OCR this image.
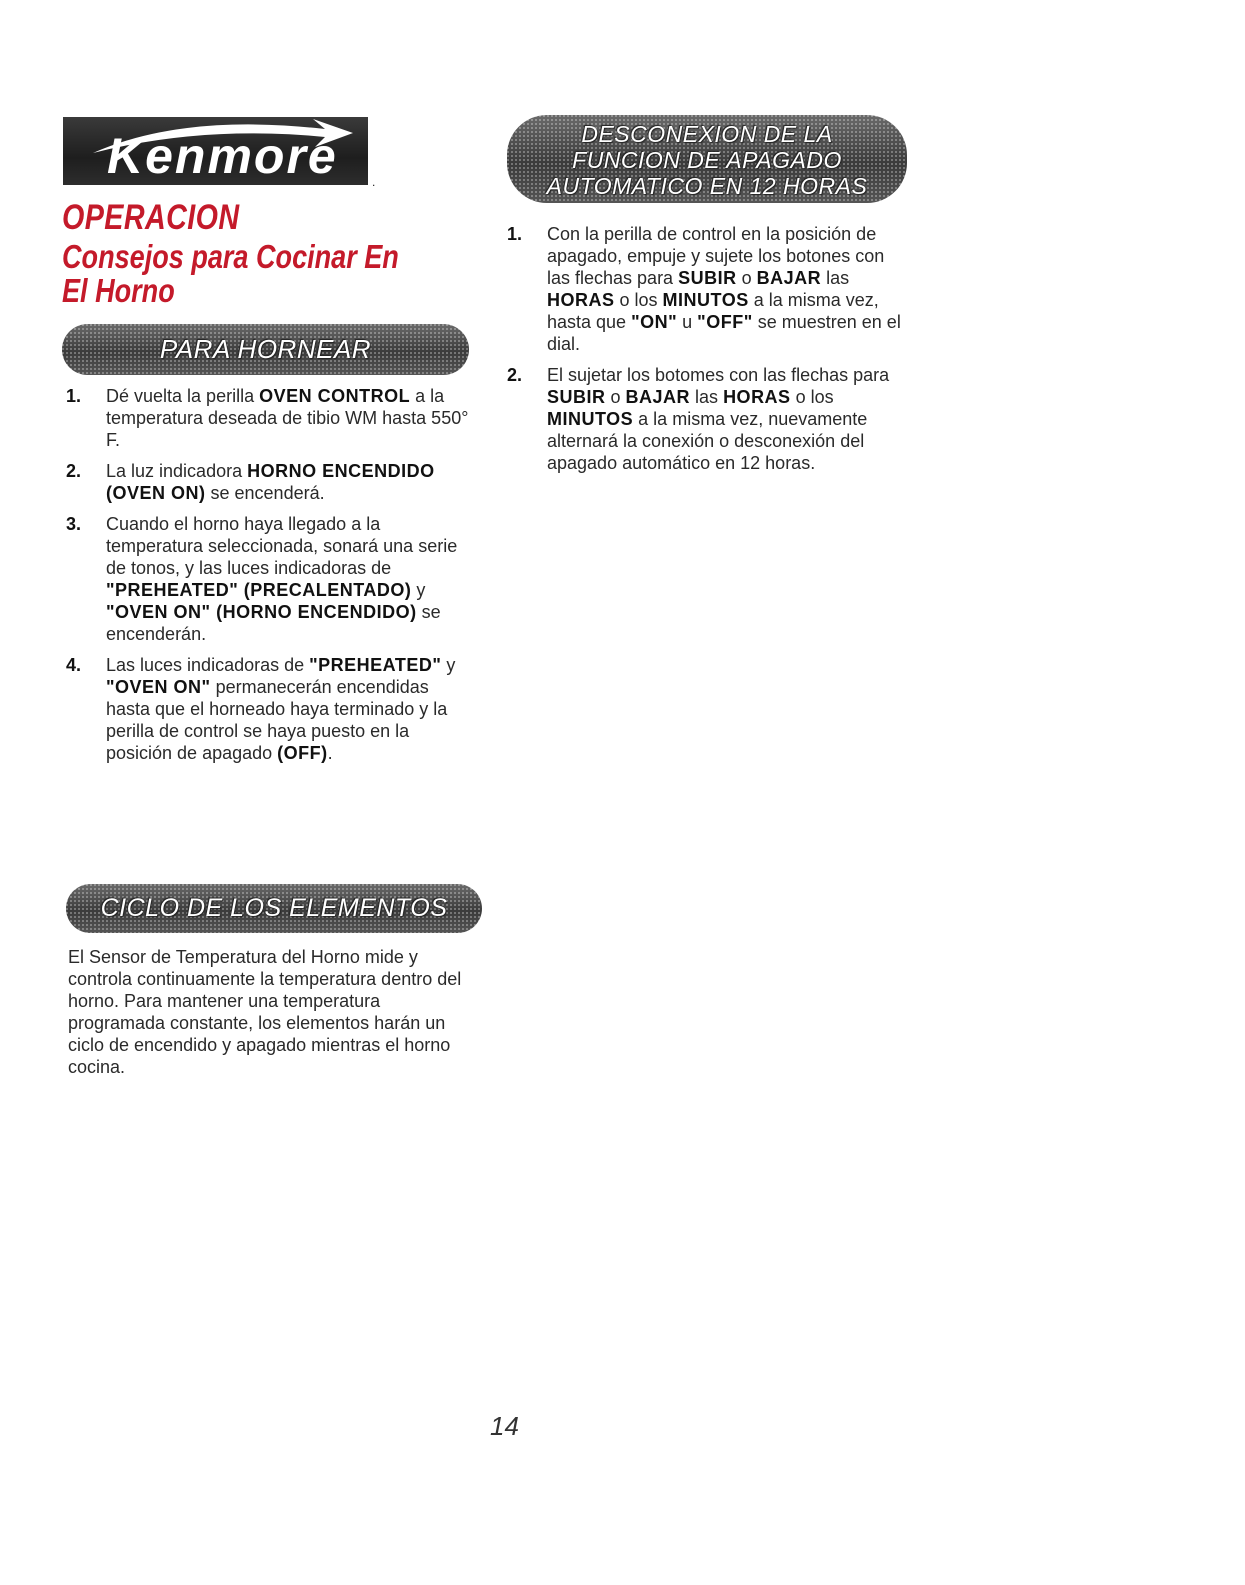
Kenmore	.
OPERACION
Consejos para Cocinar En El Horno
PARA HORNEAR
1.	Dé vuelta la perilla OVEN CONTROL a la temperatura deseada de tibio WM hasta 550° F.
2.	La luz indicadora HORNO ENCENDIDO (OVEN ON) se encenderá.
3.	Cuando el horno haya llegado a la temperatura seleccionada, sonará una serie de tonos, y las luces indicadoras de "PREHEATED" (PRECALENTADO) y "OVEN ON" (HORNO ENCENDIDO) se encenderán.
4.	Las luces indicadoras de "PREHEATED" y "OVEN ON" permanecerán encendidas hasta que el horneado haya terminado y la perilla de control se haya puesto en la posición de apagado (OFF).
CICLO DE LOS ELEMENTOS
El Sensor de Temperatura del Horno mide y controla continuamente la temperatura dentro del horno. Para mantener una temperatura programada constante, los elementos harán un ciclo de encendido y apagado mientras el horno cocina.
DESCONEXION DE LA
FUNCION DE APAGADO
AUTOMATICO EN 12 HORAS
1.	Con la perilla de control en la posición de apagado, empuje y sujete los botones con las flechas para SUBIR o BAJAR las HORAS o los MINUTOS a la misma vez, hasta que "ON" u "OFF" se muestren en el dial.
2.	El sujetar los botomes con las flechas para SUBIR o BAJAR las HORAS o los MINUTOS a la misma vez, nuevamente alternará la conexión o desconexión del apagado automático en 12 horas.
14
